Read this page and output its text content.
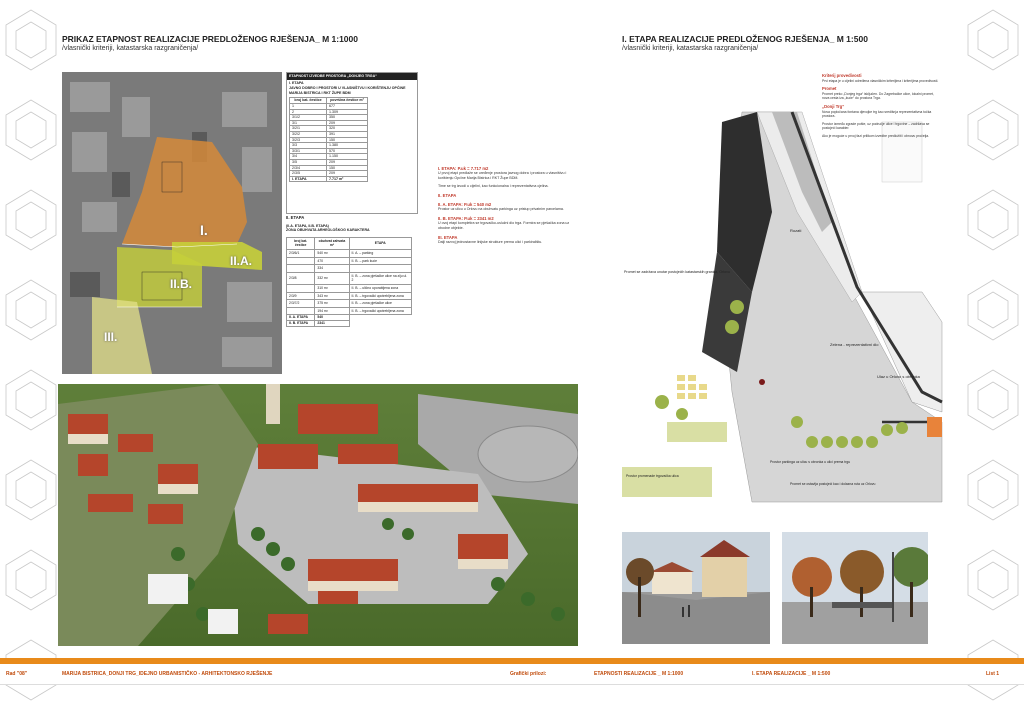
PRIKAZ ETAPNOST REALIZACIJE PREDLOŽENOG RJEŠENJA_ M 1:1000
/vlasnički kriteriji, katastarska razgraničenja/
I. ETAPA REALIZACIJE PREDLOŽENOG RJEŠENJA_ M 1:500
/vlasnički kriteriji, katastarska razgraničenja/
I.
II.A.
II.B.
III.
ETAPNOST IZVEDBE PROSTORA „DONJEG TRGA“
I. ETAPA
JAVNO DOBRO I PROSTORI U VLASNIŠTVU I KORIŠTENJU OPĆINE MARIJA BISTRICA I RKT ŽUPE BDM
broj kat. čestice	površina čestice m²
1	677
2	1.309
3/1/2	350
3/1	209
3/2/1	320
3/2/2	391
3/2/3	150
3/3	1.380
3/3/1	570
3/4	1.150
3/5	209
2/3/4	150
2/3/5	209
I. ETAPA	7.717 m²
II. ETAPA
(II.A. ETAPA, II.B. ETAPA)
ZONA OBUHVATA ARHEOLOŠKOG KARAKTERA
broj kat. čestice	obuhvat zahvata m²	ETAPA
2/3/6/1	540 m²	II. A. – parking
	470	II. B. – park kuće
	334	
2/3/8	332 m²	II. B. – zona pješačke ulice na ziju ul. 2
	310 m²	II. B. – ulično uporabljena zona
2/3/9	343 m²	II. B. – trgovački upotrebljena zona
2/3/7/2	375 m²	II. B. – zona pješačke ulice
	194 m²	II. B. – trgovački upotrebljena zona
II. A. ETAPA	540	
II. B. ETAPA	2341	
I. ETAPA: P.uk = 7.717 m2

U prvoj etapi predlaže se uređenje prostora javnog dobra i prostora u vlasništvu i korištenju Općine Marija Bistrica i RKT Župe BDM.

Time se trg izvodi u cijelini, kao funkcionalna i reprezentativna cjelina.

II. ETAPA
II. A. ETAPA: P.uk = 540 m2

Prostor uz ulicu u Orlovu na obuhvatu parkinga uz pristup privatnim parcelama.

II. B. ETAPA: P.uk = 2341 m2

U ovoj etapi kompletira se trgovačko-uslužni dio trga. Formira se pješačka zona uz obodne objekte.

III. ETAPA

Dalji razvoj jednostavne linijske strukture prema ulici i parkiralištu.

Promet se zadržava unutar postojećih katastarskih granica, Orlovu
Rozati
Zelena - reprezentativni dio
Ulaz u Orlovu s obronka
Prostor parkinga uz ulicu s obronka u ulici prema trgu
Promet se ostavlja postojeći kao i dolazna ruta uz Orlovu
Prostor promenade trgovačka ulica
Kriterij provedivosti

Prvi etapa je u cijelini određena vlasničkim kriterijima i kriterijima provedivosti.

Promet

Promet preko „Donjeg trga“ isključen. Do Zagrebačke ulice, lokalni promet, nova cesta iza „kuće“ do prostora Trga.

„Donji Trg“

Nova popločana fontana djevojke trg kao središnja reprezentativna točka prostora.

Prostor između zgrade pošte, uz područje ulice i trgovine – zadržava se postojeći karakter.

Ako je moguće u prvoj fazi prilikom izvedbe predložiti i obnovu pročelja.

Rad "08"	MARIJA BISTRICA_DONJI TRG_IDEJNO URBANISTIČKO - ARHITEKTONSKO RJEŠENJE	Grafički prilozi:	ETAPNOSTI REALIZACIJE _ M 1:1000	I. ETAPA REALIZACIJE _ M 1:500	List 1
